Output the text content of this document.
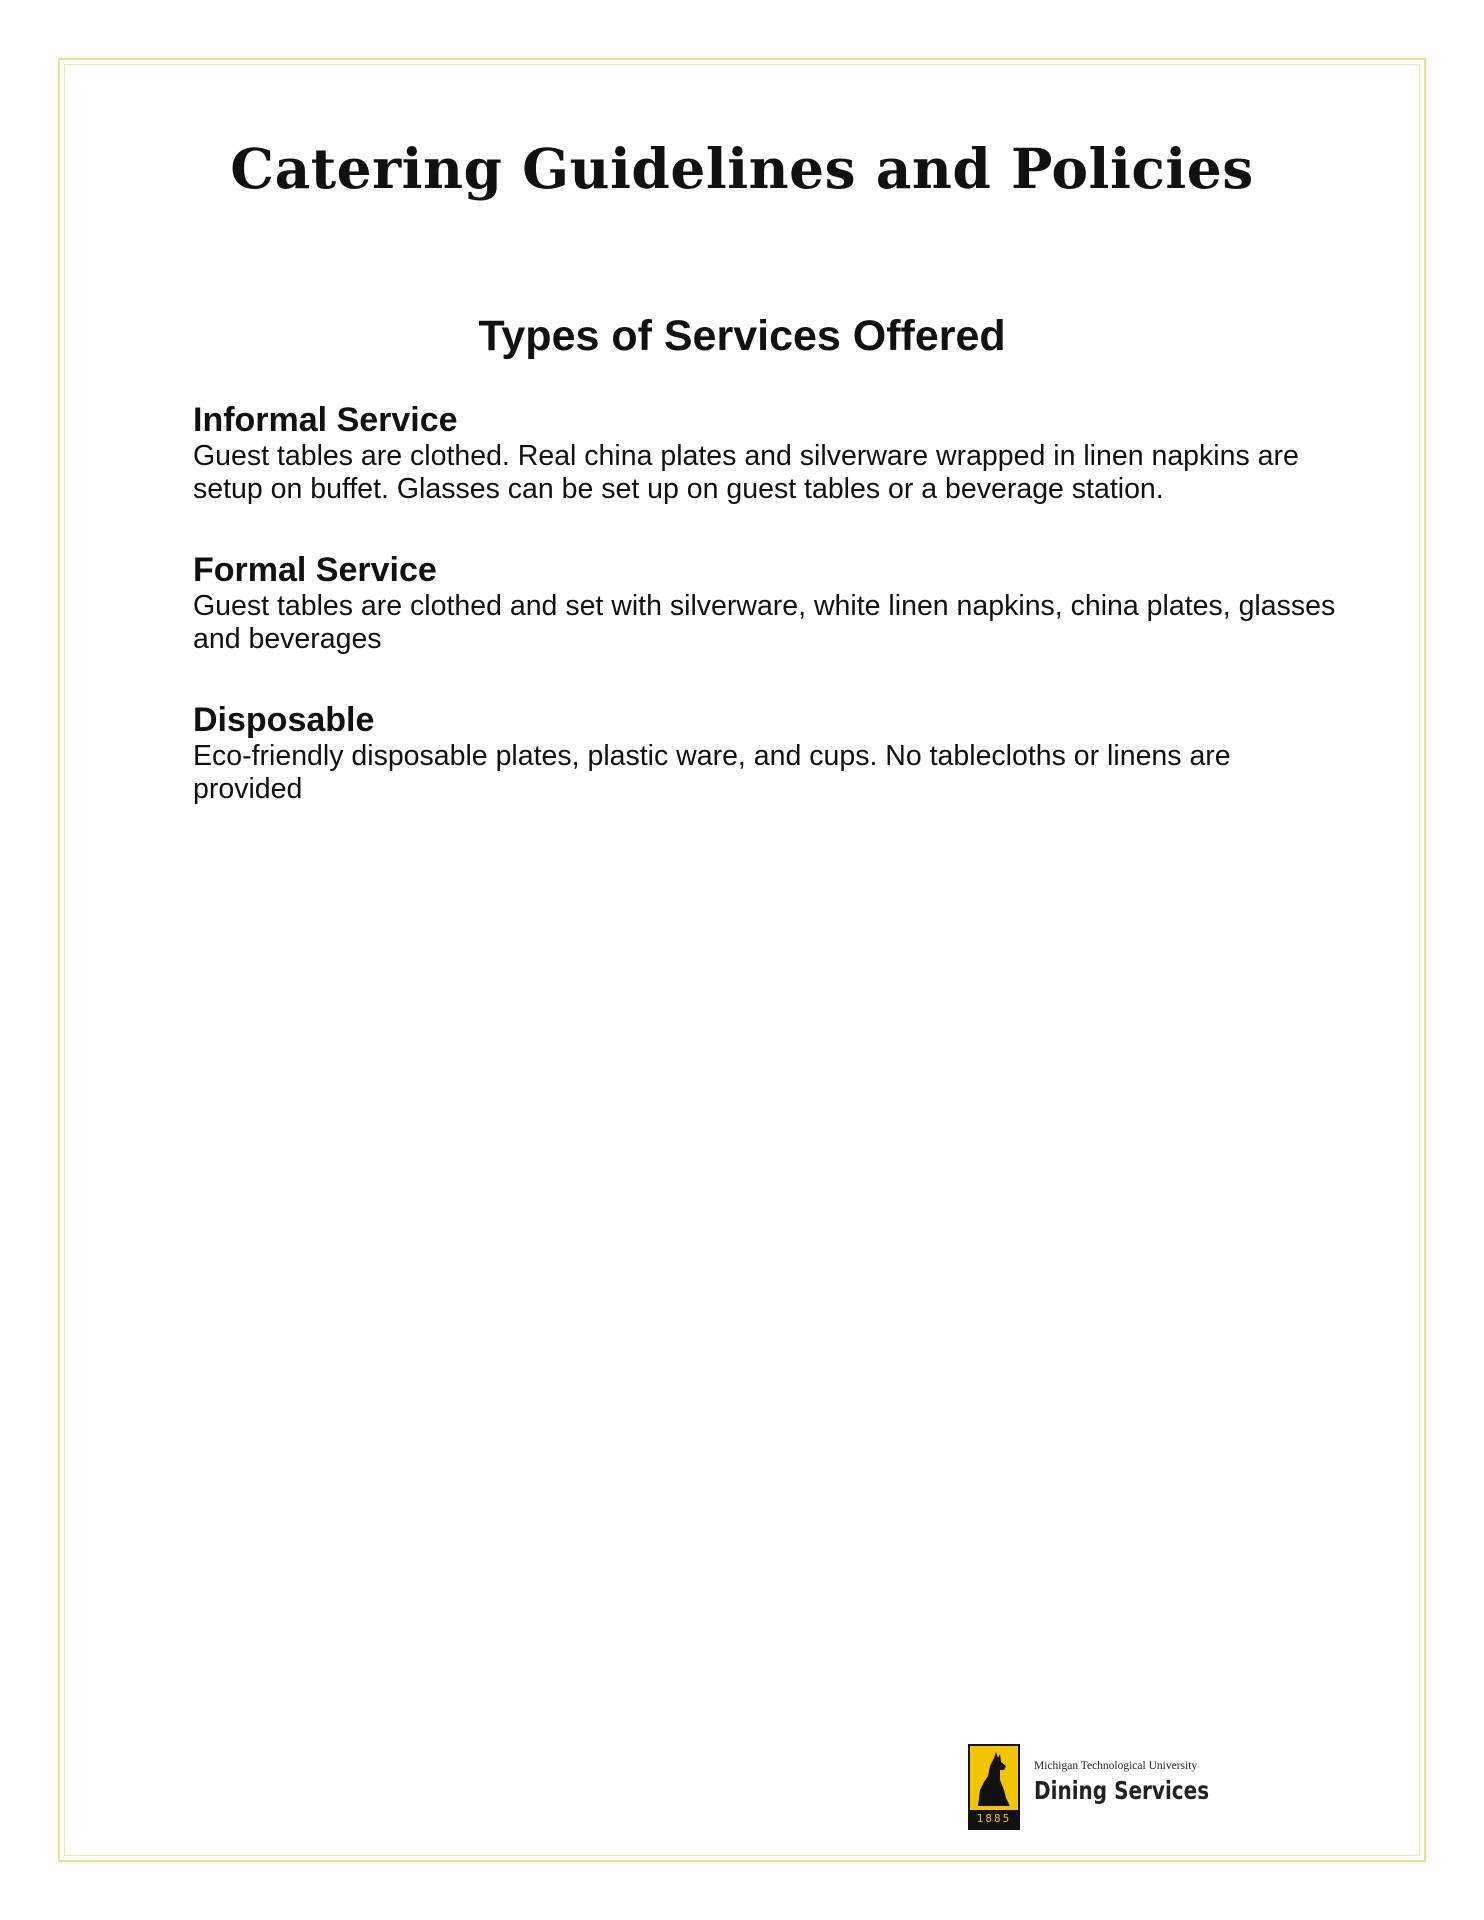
Catering Guidelines and Policies
Types of Services Offered

Informal Service

Guest tables are clothed. Real china plates and silverware wrapped in linen napkins are setup on buffet. Glasses can be set up on guest tables or a beverage station.

Formal Service

Guest tables are clothed and set with silverware, white linen napkins, china plates, glasses and beverages

Disposable

Eco-friendly disposable plates, plastic ware, and cups. No tablecloths or linens are provided

1885
Michigan Technological University
Dining Services
